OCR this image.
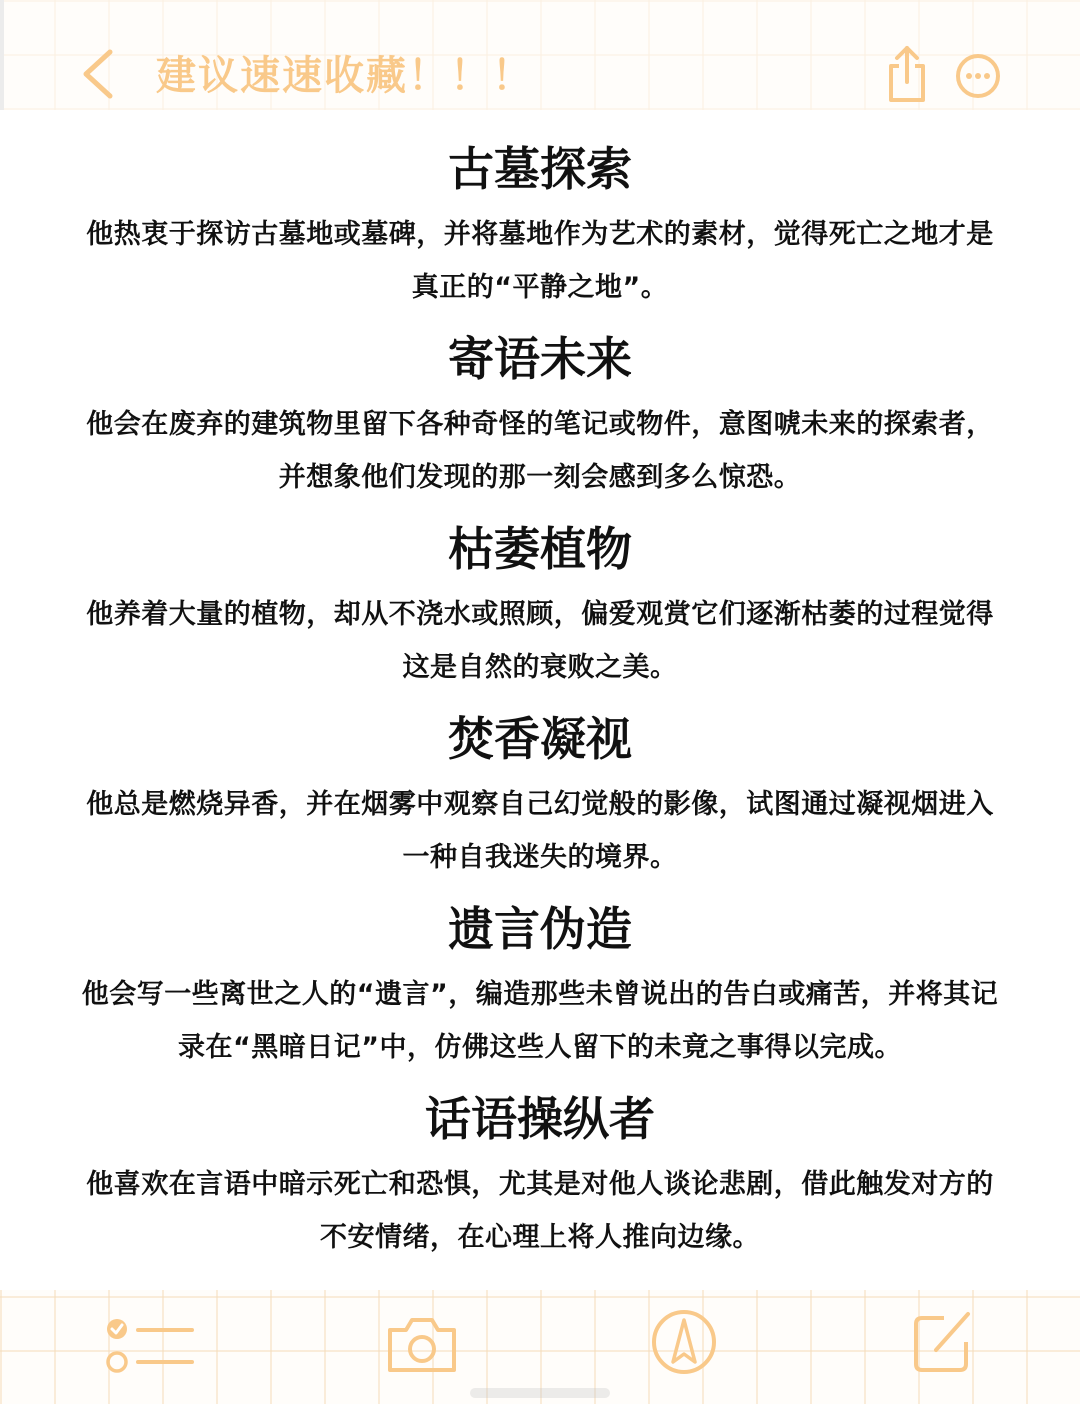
建议速速收藏！！！
古墓探索

他热衷于探访古墓地或墓碑，并将墓地作为艺术的素材，觉得死亡之地才是真正的“平静之地”。

寄语未来

他会在废弃的建筑物里留下各种奇怪的笔记或物件，意图唬未来的探索者，并想象他们发现的那一刻会感到多么惊恐。

枯萎植物

他养着大量的植物，却从不浇水或照顾，偏爱观赏它们逐渐枯萎的过程觉得这是自然的衰败之美。

焚香凝视

他总是燃烧异香，并在烟雾中观察自己幻觉般的影像，试图通过凝视烟进入一种自我迷失的境界。

遗言伪造

他会写一些离世之人的“遗言”，编造那些未曾说出的告白或痛苦，并将其记录在“黑暗日记”中，仿佛这些人留下的未竟之事得以完成。

话语操纵者

他喜欢在言语中暗示死亡和恐惧，尤其是对他人谈论悲剧，借此触发对方的不安情绪，在心理上将人推向边缘。
